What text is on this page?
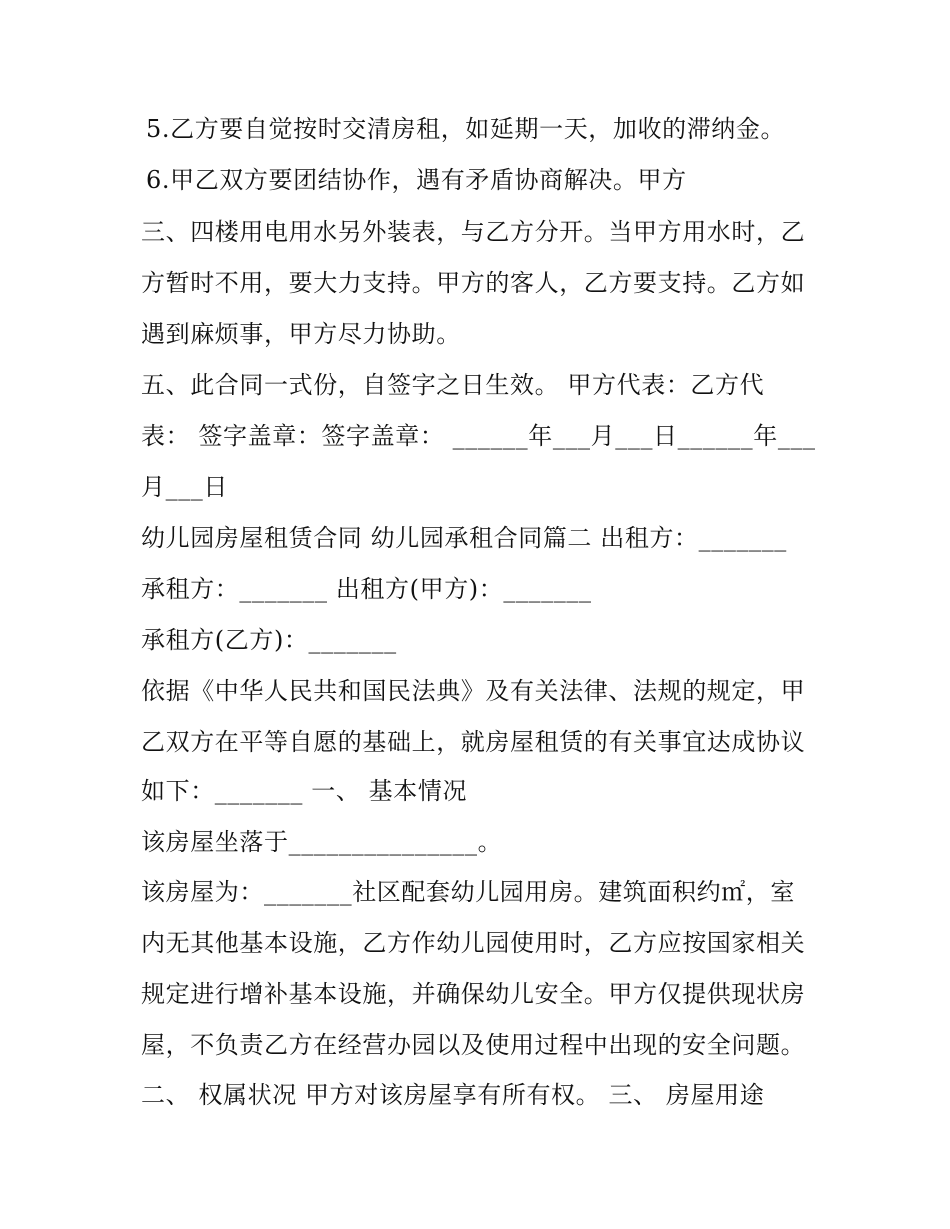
5.乙方要自觉按时交清房租，如延期一天，加收的滞纳金。
6.甲乙双方要团结协作，遇有矛盾协商解决。甲方
三、四楼用电用水另外装表，与乙方分开。当甲方用水时，乙
方暂时不用，要大力支持。甲方的客人，乙方要支持。乙方如
遇到麻烦事，甲方尽力协助。
五、此合同一式份，自签字之日生效。 甲方代表：乙方代
表： 签字盖章：签字盖章： ______年___月___日______年___
月___日
幼儿园房屋租赁合同 幼儿园承租合同篇二 出租方：_______
承租方：_______ 出租方(甲方)：_______
承租方(乙方)：_______
依据《中华人民共和国民法典》及有关法律、法规的规定，甲
乙双方在平等自愿的基础上，就房屋租赁的有关事宜达成协议
如下：_______ 一、 基本情况
该房屋坐落于_______________。
该房屋为：_______社区配套幼儿园用房。建筑面积约㎡，室
内无其他基本设施，乙方作幼儿园使用时，乙方应按国家相关
规定进行增补基本设施，并确保幼儿安全。甲方仅提供现状房
屋，不负责乙方在经营办园以及使用过程中出现的安全问题。
二、 权属状况 甲方对该房屋享有所有权。 三、 房屋用途
